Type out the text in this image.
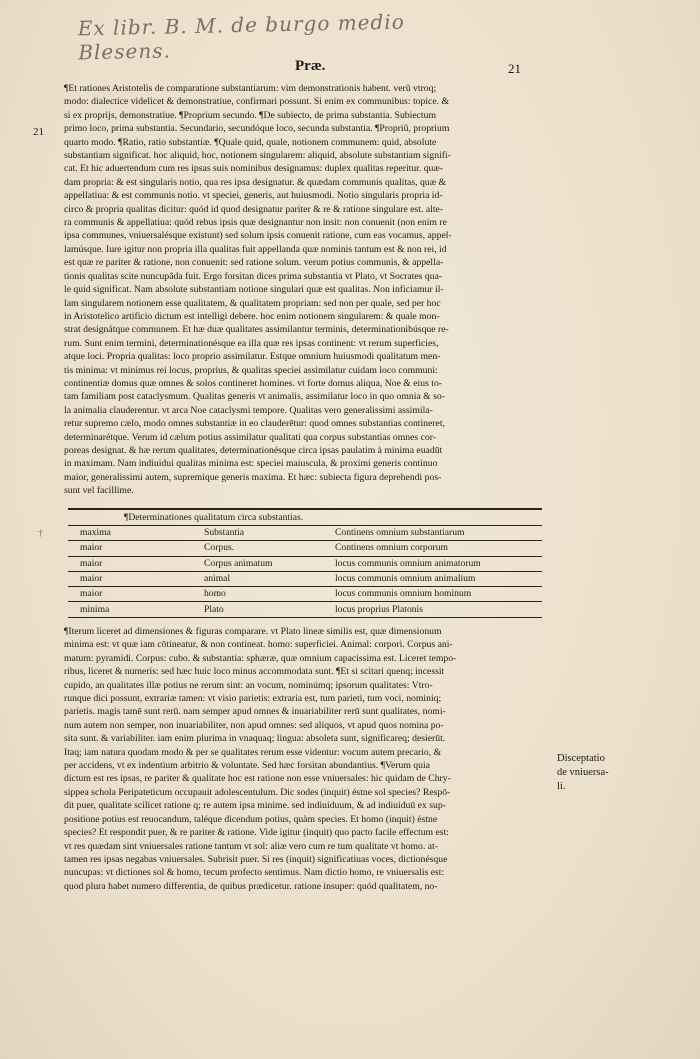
Ex libr. B. M. de burgo medio Blesens.
Præ.	21
21
¶Et rationes Aristotelis de comparatione substantiarum: vim demonstrationis habent. verũ vtroq;
modo: dialectice videlicet & demonstratiue, confirmari possunt. Si enim ex communibus: topice. &
si ex proprijs, demonstratiue. ¶Proprium secundo. ¶De subiecto, de prima substantia. Subiectum
primo loco, prima substantia. Secundario, secundóque loco, secunda substantia. ¶Propriũ, proprium
quarto modo. ¶Ratio, ratio substantiæ. ¶Quale quid, quale, notionem communem: quid, absolute
substantiam significat. hoc aliquid, hoc, notionem singularem: aliquid, absolute substantiam signifi-
cat. Et hic aduertendum cum res ipsas suis nominibus designamus: duplex qualitas reperitur. quæ-
dam propria: & est singularis notio, qua res ipsa designatur. & quædam communis qualitas, quæ &
appellatiua: & est communis notio. vt speciei, generis, aut huiusmodi. Notio singularis propria id-
circo & propria qualitas dicitur: quód id quod designatur pariter & re & ratione singulare est. alte-
ra communis & appellatiua: quód rebus ipsis quæ designantur non insit: non conuenit (non enim re
ipsa communes, vniuersalésque existunt) sed solum ipsis conuenit ratione, cum eas vocamus, appel-
lamúsque. Iure igitur non propria illa qualitas fuit appellanda quæ nominis tantum est & non rei, id
est quæ re pariter & ratione, non conuenit: sed ratione solum. verum potius communis, & appella-
tionis qualitas scite nuncupâda fuit. Ergo forsitan dices prima substantia vt Plato, vt Socrates qua-
le quid significat. Nam absolute substantiam notione singulari quæ est qualitas. Non inficiamur il-
lam singularem notionem esse qualitatem, & qualitatem propriam: sed non per quale, sed per hoc
in Aristotelico artificio dictum est intelligi debere. hoc enim notionem singularem: & quale mon-
strat designátque communem. Et hæ duæ qualitates assimilantur terminis, determinationibúsque re-
rum. Sunt enim termini, determinationésque ea illa quæ res ipsas continent: vt rerum superficies,
atque loci. Propria qualitas: loco proprio assimilatur. Estque omnium huiusmodi qualitatum men-
tis minima: vt minimus rei locus, proprius, & qualitas speciei assimilatur cuidam loco communi:
continentiæ domus quæ omnes & solos contineret homines. vt forte domus aliqua, Noe & eius to-
tam familiam post cataclysmum. Qualitas generis vt animalis, assimilatur loco in quo omnia & so-
la animalia clauderentur. vt arca Noe cataclysmi tempore. Qualitas vero generalissimi assimila-
retur supremo cælo, modo omnes substantiæ in eo clauderētur: quod omnes substantias contineret,
determinarétque. Verum id cælum potius assimilatur qualitati qua corpus substantias omnes cor-
poreas designat. & hæ rerum qualitates, determinationésque circa ipsas paulatim à minima euadūt
in maximam. Nam indiuidui qualitas minima est: speciei maiuscula, & proximi generis continuo
maior, generalissimi autem, supremique generis maxima. Et hæc: subiecta figura deprehendi pos-
sunt vel facillime.
†
¶Determinationes qualitatum circa substantias.		
maxima	Substantia	Continens omnium substantiarum
maior	Corpus.	Continens omnium corporum
maior	Corpus animatum	locus communis omnium animatorum
maior	animal	locus communis omnium animalium
maior	homo	locus communis omnium hominum
minima	Plato	locus proprius Platonis
¶Iterum liceret ad dimensiones & figuras comparare. vt Plato lineæ similis est, quæ dimensionum
minima est: vt quæ iam cōtineatur, & non contineat. homo: superficiei. Animal: corpori. Corpus ani-
matum: pyramidi. Corpus: cubo. & substantia: sphæræ, quæ omnium capacissima est. Liceret tempo-
ribus, liceret & numeris: sed hæc huic loco minus accommodata sunt. ¶Et si scitari quenq; incessit
cupido, an qualitates illæ potius ne rerum sint: an vocum, nominúmq; ipsorum qualitates: Vtro-
runque dici possunt, extrariæ tamen: vt visio parietis: extraria est, tum parieti, tum voci, nominiq;
parietis. magis tamē sunt rerū. nam semper apud omnes & inuariabiliter rerū sunt qualitates, nomi-
num autem non semper, non inuariabiliter, non apud omnes: sed aliquos, vt apud quos nomina po-
sita sunt. & variabiliter. iam enim plurima in vnaquaq; lingua: absoleta sunt, significareq; desierūt.
Itaq; iam natura quodam modo & per se qualitates rerum esse videntur: vocum autem precario, &
per accidens, vt ex indentium arbitrio & voluntate. Sed hæc forsitan abundantius. ¶Verum quia
dictum est res ipsas, re pariter & qualitate hoc est ratione non esse vniuersales: hic quidam de Chry-
sippea schola Peripateticum occupauit adolescentulum. Dic sodes (inquit) éstne sol species? Respō-
dit puer, qualitate scilicet ratione q; re autem ipsa minime. sed indiuiduum, & ad indiuiduū ex sup-
positione potius est reuocandum, taléque dicendum potius, quàm species. Et homo (inquit) éstne
species? Et respondit puer, & re pariter & ratione. Vide igitur (inquit) quo pacto facile effectum est:
vt res quædam sint vniuersales ratione tantum vt sol: aliæ vero cum re tum qualitate vt homo. at-
tamen res ipsas negabas vniuersales. Subrisit puer. Si res (inquit) significatiuas voces, dictionésque
nuncupas: vt dictiones sol & homo, tecum profecto sentimus. Nam dictio homo, re vniuersalis est:
quod plura habet numero differentia, de quibus prædicetur. ratione insuper: quód qualitatem, no-
Disceptatio
de vniuersa-
li.
